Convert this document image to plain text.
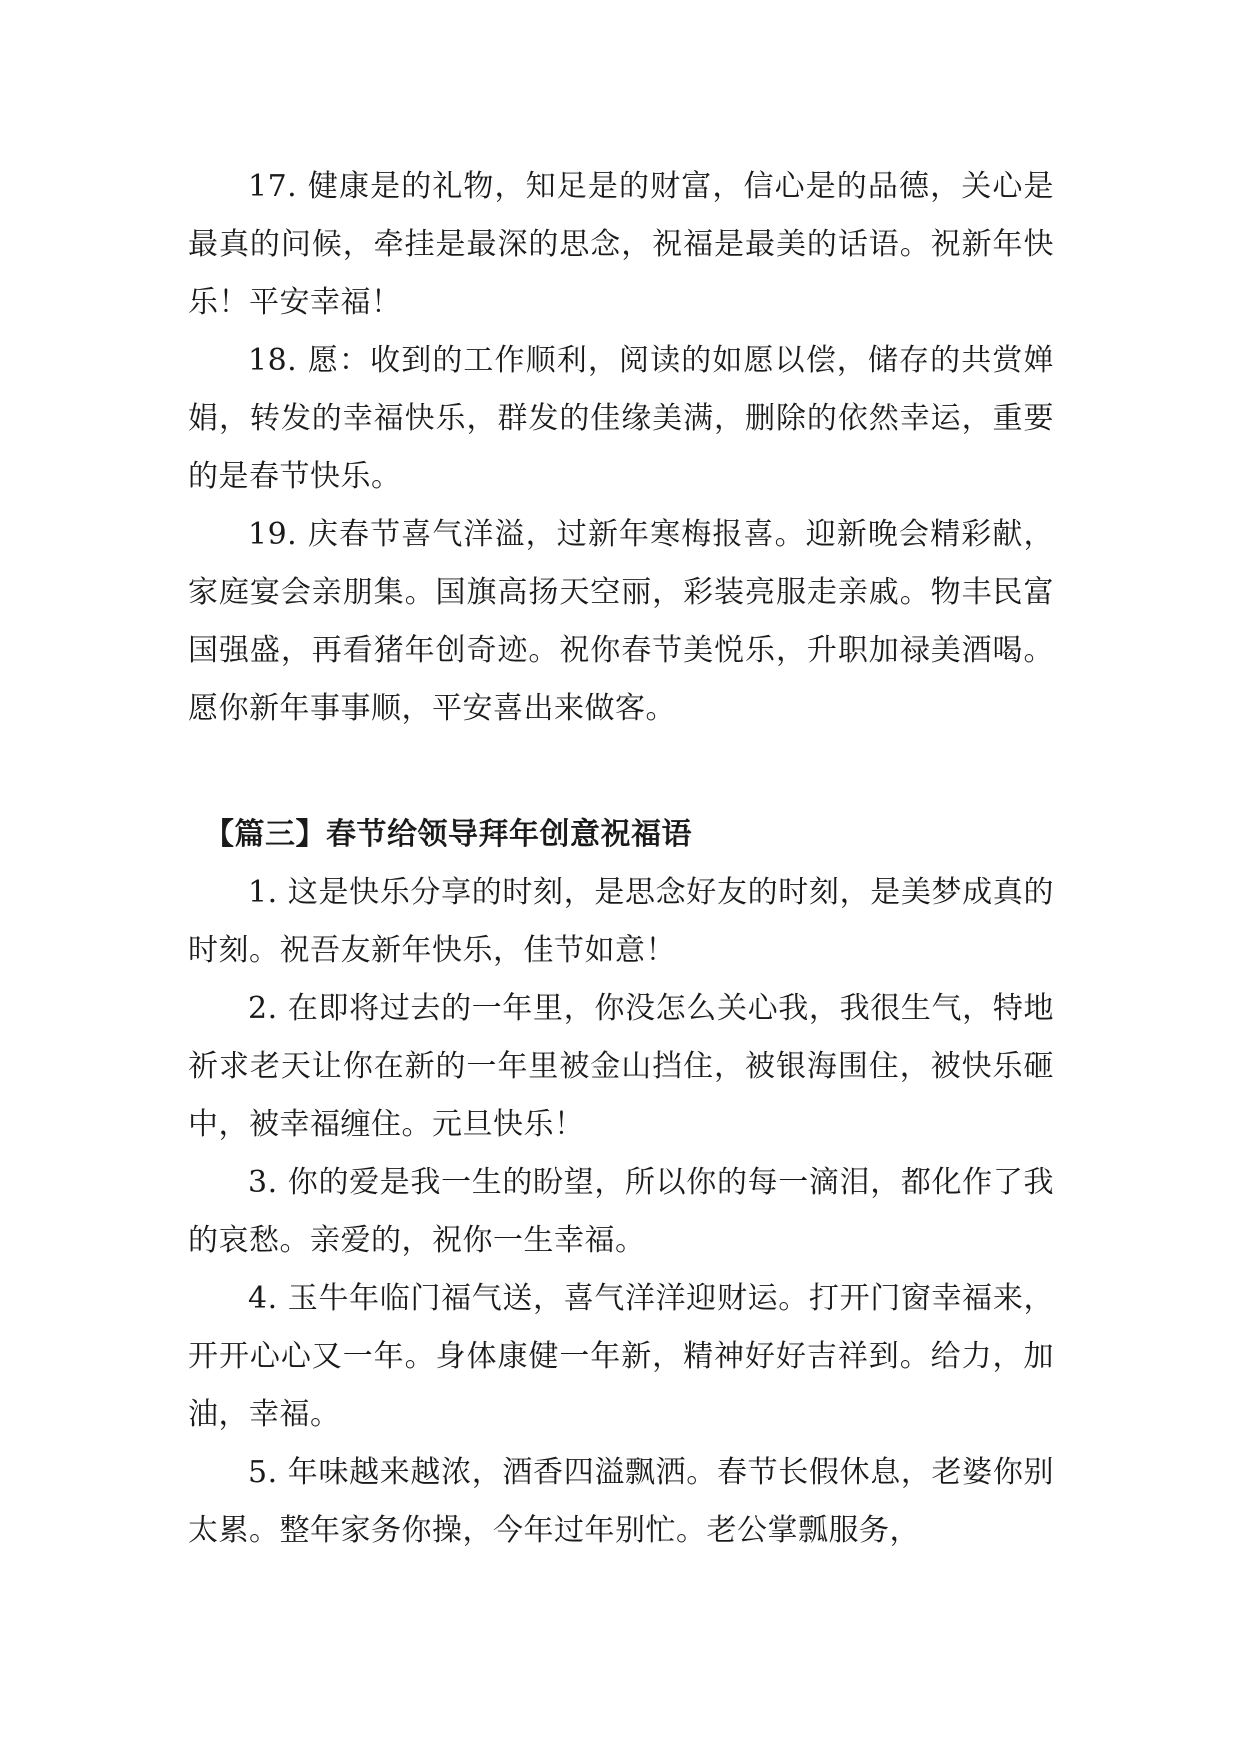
17. 健康是的礼物，知足是的财富，信心是的品德，关心是最真的问候，牵挂是最深的思念，祝福是最美的话语。祝新年快乐！平安幸福！

18. 愿：收到的工作顺利，阅读的如愿以偿，储存的共赏婵娟，转发的幸福快乐，群发的佳缘美满，删除的依然幸运，重要的是春节快乐。

19. 庆春节喜气洋溢，过新年寒梅报喜。迎新晚会精彩献，家庭宴会亲朋集。国旗高扬天空丽，彩装亮服走亲戚。物丰民富国强盛，再看猪年创奇迹。祝你春节美悦乐，升职加禄美酒喝。愿你新年事事顺，平安喜出来做客。

【篇三】春节给领导拜年创意祝福语

1. 这是快乐分享的时刻，是思念好友的时刻，是美梦成真的时刻。祝吾友新年快乐，佳节如意！

2. 在即将过去的一年里，你没怎么关心我，我很生气，特地祈求老天让你在新的一年里被金山挡住，被银海围住，被快乐砸中，被幸福缠住。元旦快乐！

3. 你的爱是我一生的盼望，所以你的每一滴泪，都化作了我的哀愁。亲爱的，祝你一生幸福。

4. 玉牛年临门福气送，喜气洋洋迎财运。打开门窗幸福来，开开心心又一年。身体康健一年新，精神好好吉祥到。给力，加油，幸福。

5. 年味越来越浓，酒香四溢飘洒。春节长假休息，老婆你别太累。整年家务你操，今年过年别忙。老公掌瓢服务，
